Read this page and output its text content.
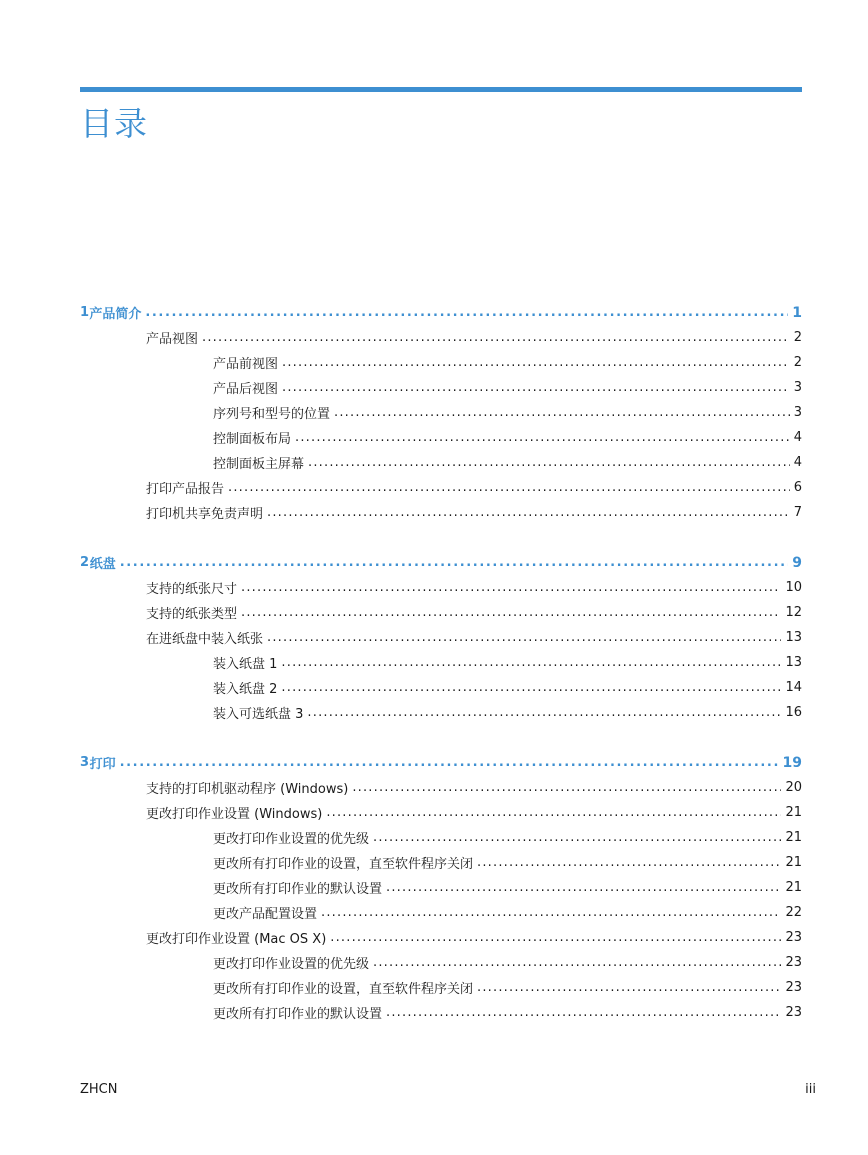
目录
1 产品简介 .....	1
产品视图 .....	2
产品前视图 .....	2
产品后视图 .....	3
序列号和型号的位置 .....	3
控制面板布局 .....	4
控制面板主屏幕 .....	4
打印产品报告 .....	6
打印机共享免责声明 .....	7
2 纸盘 .....	9
支持的纸张尺寸 .....	10
支持的纸张类型 .....	12
在进纸盘中装入纸张 .....	13
装入纸盘 1 .....	13
装入纸盘 2 .....	14
装入可选纸盘 3 .....	16
3 打印 .....	19
支持的打印机驱动程序 (Windows) .....	20
更改打印作业设置 (Windows) .....	21
更改打印作业设置的优先级 .....	21
更改所有打印作业的设置，直至软件程序关闭 .....	21
更改所有打印作业的默认设置 .....	21
更改产品配置设置 .....	22
更改打印作业设置 (Mac OS X) .....	23
更改打印作业设置的优先级 .....	23
更改所有打印作业的设置，直至软件程序关闭 .....	23
更改所有打印作业的默认设置 .....	23
ZHCN	iii
